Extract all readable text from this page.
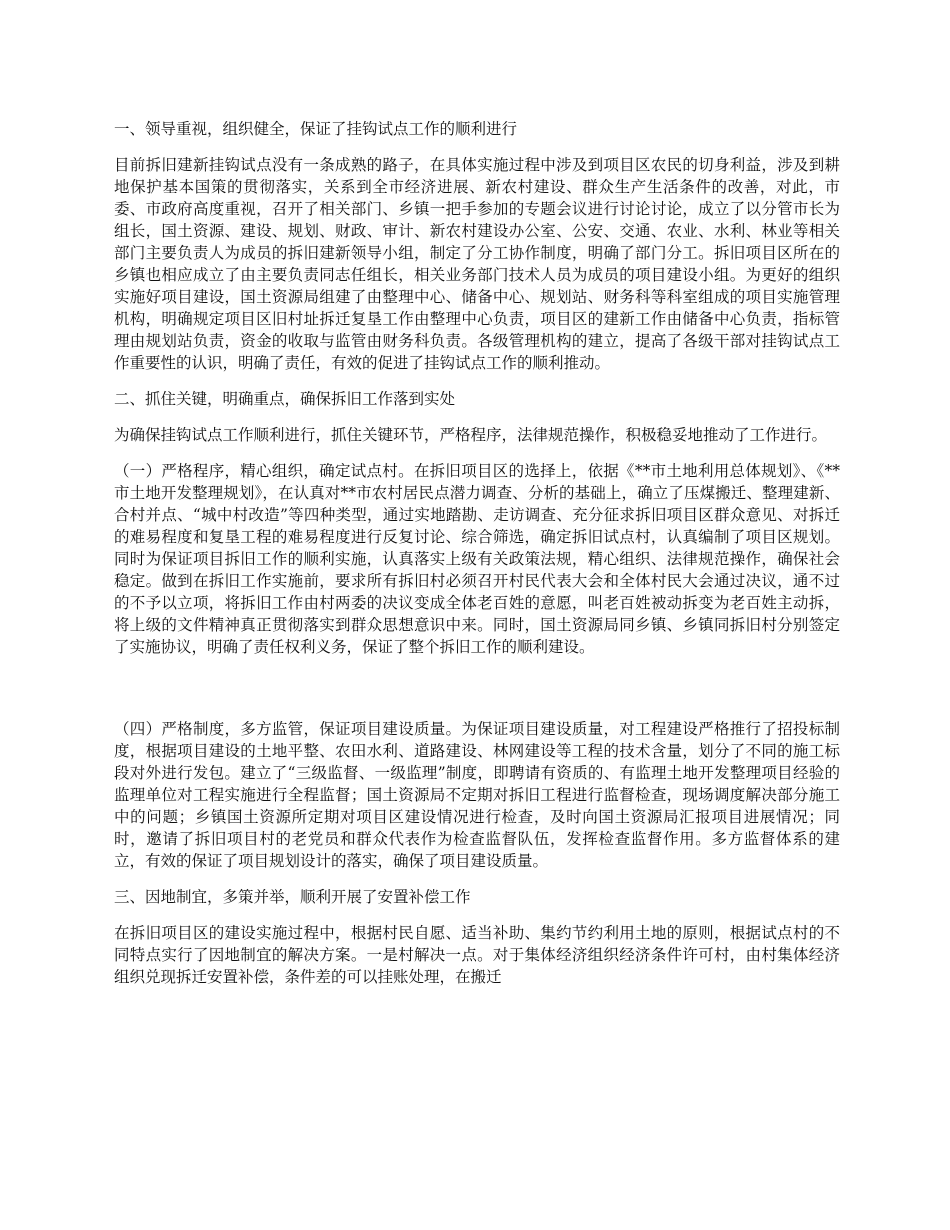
一、领导重视，组织健全，保证了挂钩试点工作的顺利进行

目前拆旧建新挂钩试点没有一条成熟的路子，在具体实施过程中涉及到项目区农民的切身利益，涉及到耕地保护基本国策的贯彻落实，关系到全市经济进展、新农村建设、群众生产生活条件的改善，对此，市委、市政府高度重视，召开了相关部门、乡镇一把手参加的专题会议进行讨论讨论，成立了以分管市长为组长，国土资源、建设、规划、财政、审计、新农村建设办公室、公安、交通、农业、水利、林业等相关部门主要负责人为成员的拆旧建新领导小组，制定了分工协作制度，明确了部门分工。拆旧项目区所在的乡镇也相应成立了由主要负责同志任组长，相关业务部门技术人员为成员的项目建设小组。为更好的组织实施好项目建设，国土资源局组建了由整理中心、储备中心、规划站、财务科等科室组成的项目实施管理机构，明确规定项目区旧村址拆迁复垦工作由整理中心负责，项目区的建新工作由储备中心负责，指标管理由规划站负责，资金的收取与监管由财务科负责。各级管理机构的建立，提高了各级干部对挂钩试点工作重要性的认识，明确了责任，有效的促进了挂钩试点工作的顺利推动。

二、抓住关键，明确重点，确保拆旧工作落到实处

为确保挂钩试点工作顺利进行，抓住关键环节，严格程序，法律规范操作，积极稳妥地推动了工作进行。

（一）严格程序，精心组织，确定试点村。在拆旧项目区的选择上，依据《**市土地利用总体规划》、《**市土地开发整理规划》，在认真对**市农村居民点潜力调查、分析的基础上，确立了压煤搬迁、整理建新、合村并点、“城中村改造”等四种类型，通过实地踏勘、走访调查、充分征求拆旧项目区群众意见、对拆迁的难易程度和复垦工程的难易程度进行反复讨论、综合筛选，确定拆旧试点村，认真编制了项目区规划。同时为保证项目拆旧工作的顺利实施，认真落实上级有关政策法规，精心组织、法律规范操作，确保社会稳定。做到在拆旧工作实施前，要求所有拆旧村必须召开村民代表大会和全体村民大会通过决议，通不过的不予以立项，将拆旧工作由村两委的决议变成全体老百姓的意愿，叫老百姓被动拆变为老百姓主动拆，将上级的文件精神真正贯彻落实到群众思想意识中来。同时，国土资源局同乡镇、乡镇同拆旧村分别签定了实施协议，明确了责任权利义务，保证了整个拆旧工作的顺利建设。

（四）严格制度，多方监管，保证项目建设质量。为保证项目建设质量，对工程建设严格推行了招投标制度，根据项目建设的土地平整、农田水利、道路建设、林网建设等工程的技术含量，划分了不同的施工标段对外进行发包。建立了“三级监督、一级监理”制度，即聘请有资质的、有监理土地开发整理项目经验的监理单位对工程实施进行全程监督；国土资源局不定期对拆旧工程进行监督检查，现场调度解决部分施工中的问题；乡镇国土资源所定期对项目区建设情况进行检查，及时向国土资源局汇报项目进展情况；同时，邀请了拆旧项目村的老党员和群众代表作为检查监督队伍，发挥检查监督作用。多方监督体系的建立，有效的保证了项目规划设计的落实，确保了项目建设质量。

三、因地制宜，多策并举，顺利开展了安置补偿工作

在拆旧项目区的建设实施过程中，根据村民自愿、适当补助、集约节约利用土地的原则，根据试点村的不同特点实行了因地制宜的解决方案。一是村解决一点。对于集体经济组织经济条件许可村，由村集体经济组织兑现拆迁安置补偿，条件差的可以挂账处理，在搬迁
